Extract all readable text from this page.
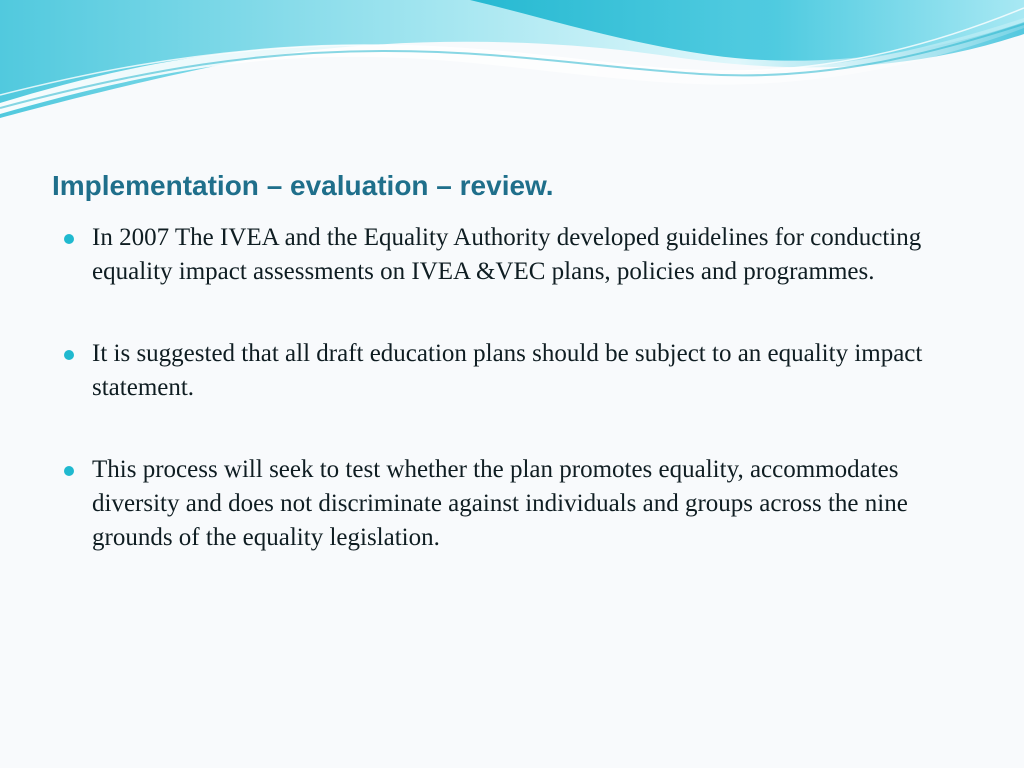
Implementation – evaluation – review.
In 2007 The IVEA and the Equality Authority developed guidelines for conducting equality impact assessments on IVEA &VEC plans, policies and programmes.
It is suggested that all draft education plans should be subject to an equality impact statement.
This process will seek to test whether the plan promotes equality, accommodates diversity and does not discriminate against individuals and groups across the nine grounds of the equality legislation.
